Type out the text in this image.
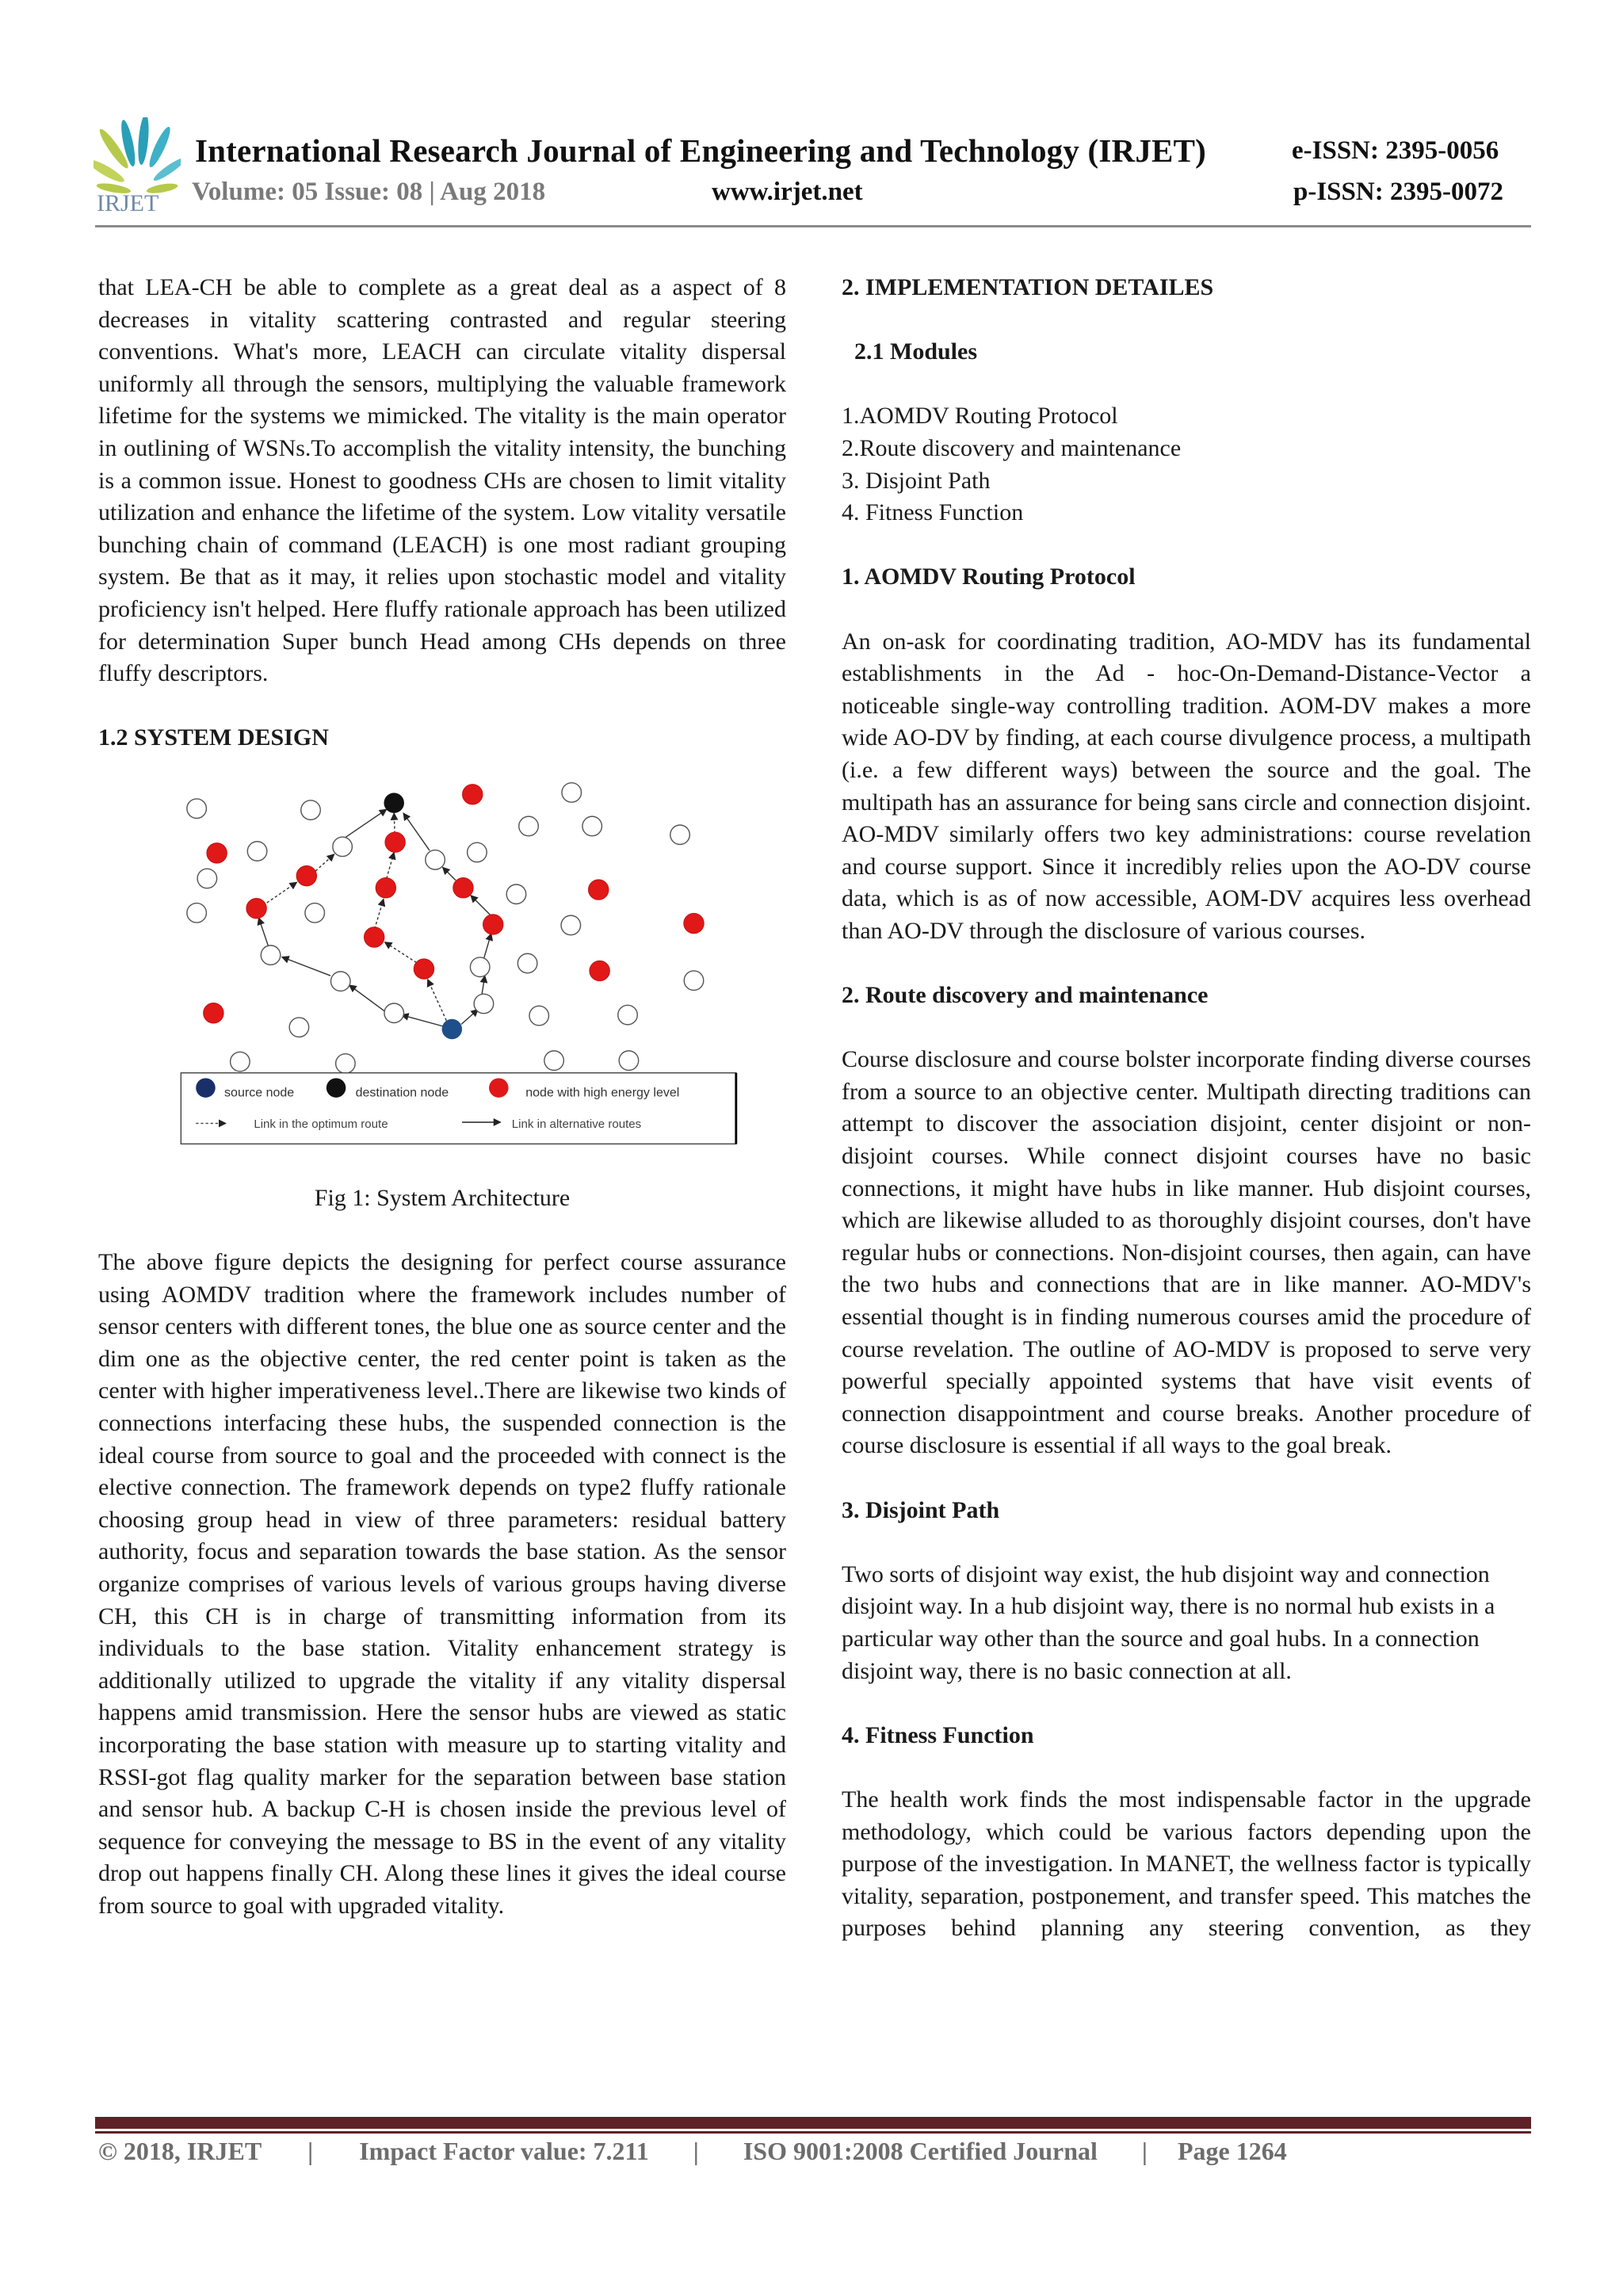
IRJET
International Research Journal of Engineering and Technology (IRJET)	e-ISSN: 2395-0056
Volume: 05 Issue: 08 | Aug 2018	www.irjet.net	p-ISSN: 2395-0072

that LEA-CH be able to complete as a great deal as a aspect of 8 decreases in vitality scattering contrasted and regular steering conventions. What's more, LEACH can circulate vitality dispersal uniformly all through the sensors, multiplying the valuable framework lifetime for the systems we mimicked. The vitality is the main operator in outlining of WSNs.To accomplish the vitality intensity, the bunching is a common issue. Honest to goodness CHs are chosen to limit vitality utilization and enhance the lifetime of the system. Low vitality versatile bunching chain of command (LEACH) is one most radiant grouping system. Be that as it may, it relies upon stochastic model and vitality proficiency isn't helped. Here fluffy rationale approach has been utilized for determination Super bunch Head among CHs depends on three fluffy descriptors.

1.2 SYSTEM DESIGN

source node destination node	node with high energy level
Link in the optimum route	Link in alternative routes

Fig 1: System Architecture

The above figure depicts the designing for perfect course assurance using AOMDV tradition where the framework includes number of sensor centers with different tones, the blue one as source center and the dim one as the objective center, the red center point is taken as the center with higher imperativeness level..There are likewise two kinds of connections interfacing these hubs, the suspended connection is the ideal course from source to goal and the proceeded with connect is the elective connection. The framework depends on type2 fluffy rationale choosing group head in view of three parameters: residual battery authority, focus and separation towards the base station. As the sensor organize comprises of various levels of various groups having diverse CH, this CH is in charge of transmitting information from its individuals to the base station. Vitality enhancement strategy is additionally utilized to upgrade the vitality if any vitality dispersal happens amid transmission. Here the sensor hubs are viewed as static incorporating the base station with measure up to starting vitality and RSSI-got flag quality marker for the separation between base station and sensor hub. A backup C-H is chosen inside the previous level of sequence for conveying the message to BS in the event of any vitality drop out happens finally CH. Along these lines it gives the ideal course from source to goal with upgraded vitality.

2. IMPLEMENTATION DETAILES

2.1 Modules

1.AOMDV Routing Protocol

2.Route discovery and maintenance

3. Disjoint Path

4. Fitness Function

1. AOMDV Routing Protocol

An on-ask for coordinating tradition, AO-MDV has its fundamental establishments in the Ad - hoc-On-Demand-Distance-Vector a noticeable single-way controlling tradition. AOM-DV makes a more wide AO-DV by finding, at each course divulgence process, a multipath (i.e. a few different ways) between the source and the goal. The multipath has an assurance for being sans circle and connection disjoint. AO-MDV similarly offers two key administrations: course revelation and course support. Since it incredibly relies upon the AO-DV course data, which is as of now accessible, AOM-DV acquires less overhead than AO-DV through the disclosure of various courses.

2. Route discovery and maintenance

Course disclosure and course bolster incorporate finding diverse courses from a source to an objective center. Multipath directing traditions can attempt to discover the association disjoint, center disjoint or non-disjoint courses. While connect disjoint courses have no basic connections, it might have hubs in like manner. Hub disjoint courses, which are likewise alluded to as thoroughly disjoint courses, don't have regular hubs or connections. Non-disjoint courses, then again, can have the two hubs and connections that are in like manner. AO-MDV's essential thought is in finding numerous courses amid the procedure of course revelation. The outline of AO-MDV is proposed to serve very powerful specially appointed systems that have visit events of connection disappointment and course breaks. Another procedure of course disclosure is essential if all ways to the goal break.

3. Disjoint Path

Two sorts of disjoint way exist, the hub disjoint way and connection disjoint way. In a hub disjoint way, there is no normal hub exists in a particular way other than the source and goal hubs. In a connection disjoint way, there is no basic connection at all.

4. Fitness Function

The health work finds the most indispensable factor in the upgrade methodology, which could be various factors depending upon the purpose of the investigation. In MANET, the wellness factor is typically vitality, separation, postponement, and transfer speed. This matches the purposes behind planning any steering convention, as they

© 2018, IRJET | Impact Factor value: 7.211 | ISO 9001:2008 Certified Journal | Page 1264
